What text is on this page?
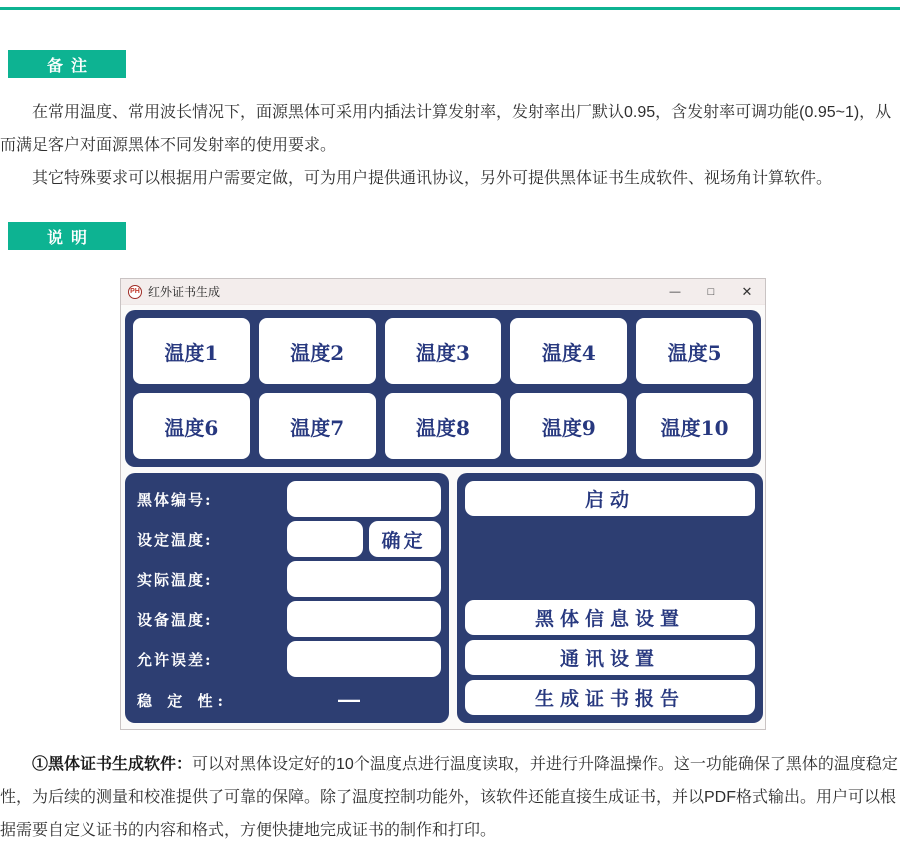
备注

在常用温度、常用波长情况下，面源黑体可采用内插法计算发射率，发射率出厂默认0.95，含发射率可调功能(0.95~1)，从而满足客户对面源黑体不同发射率的使用要求。

其它特殊要求可以根据用户需要定做，可为用户提供通讯协议，另外可提供黑体证书生成软件、视场角计算软件。

说明
PH 红外证书生成	—	□	✕
温度1	温度2	温度3	温度4	温度5
温度6	温度7	温度8	温度9	温度10
黑体编号:
设定温度:	确定
实际温度:
设备温度:
允许误差:
稳 定 性:	—
启动
黑体信息设置
通讯设置
生成证书报告

①黑体证书生成软件：可以对黑体设定好的10个温度点进行温度读取，并进行升降温操作。这一功能确保了黑体的温度稳定性，为后续的测量和校准提供了可靠的保障。除了温度控制功能外，该软件还能直接生成证书，并以PDF格式输出。用户可以根据需要自定义证书的内容和格式，方便快捷地完成证书的制作和打印。
